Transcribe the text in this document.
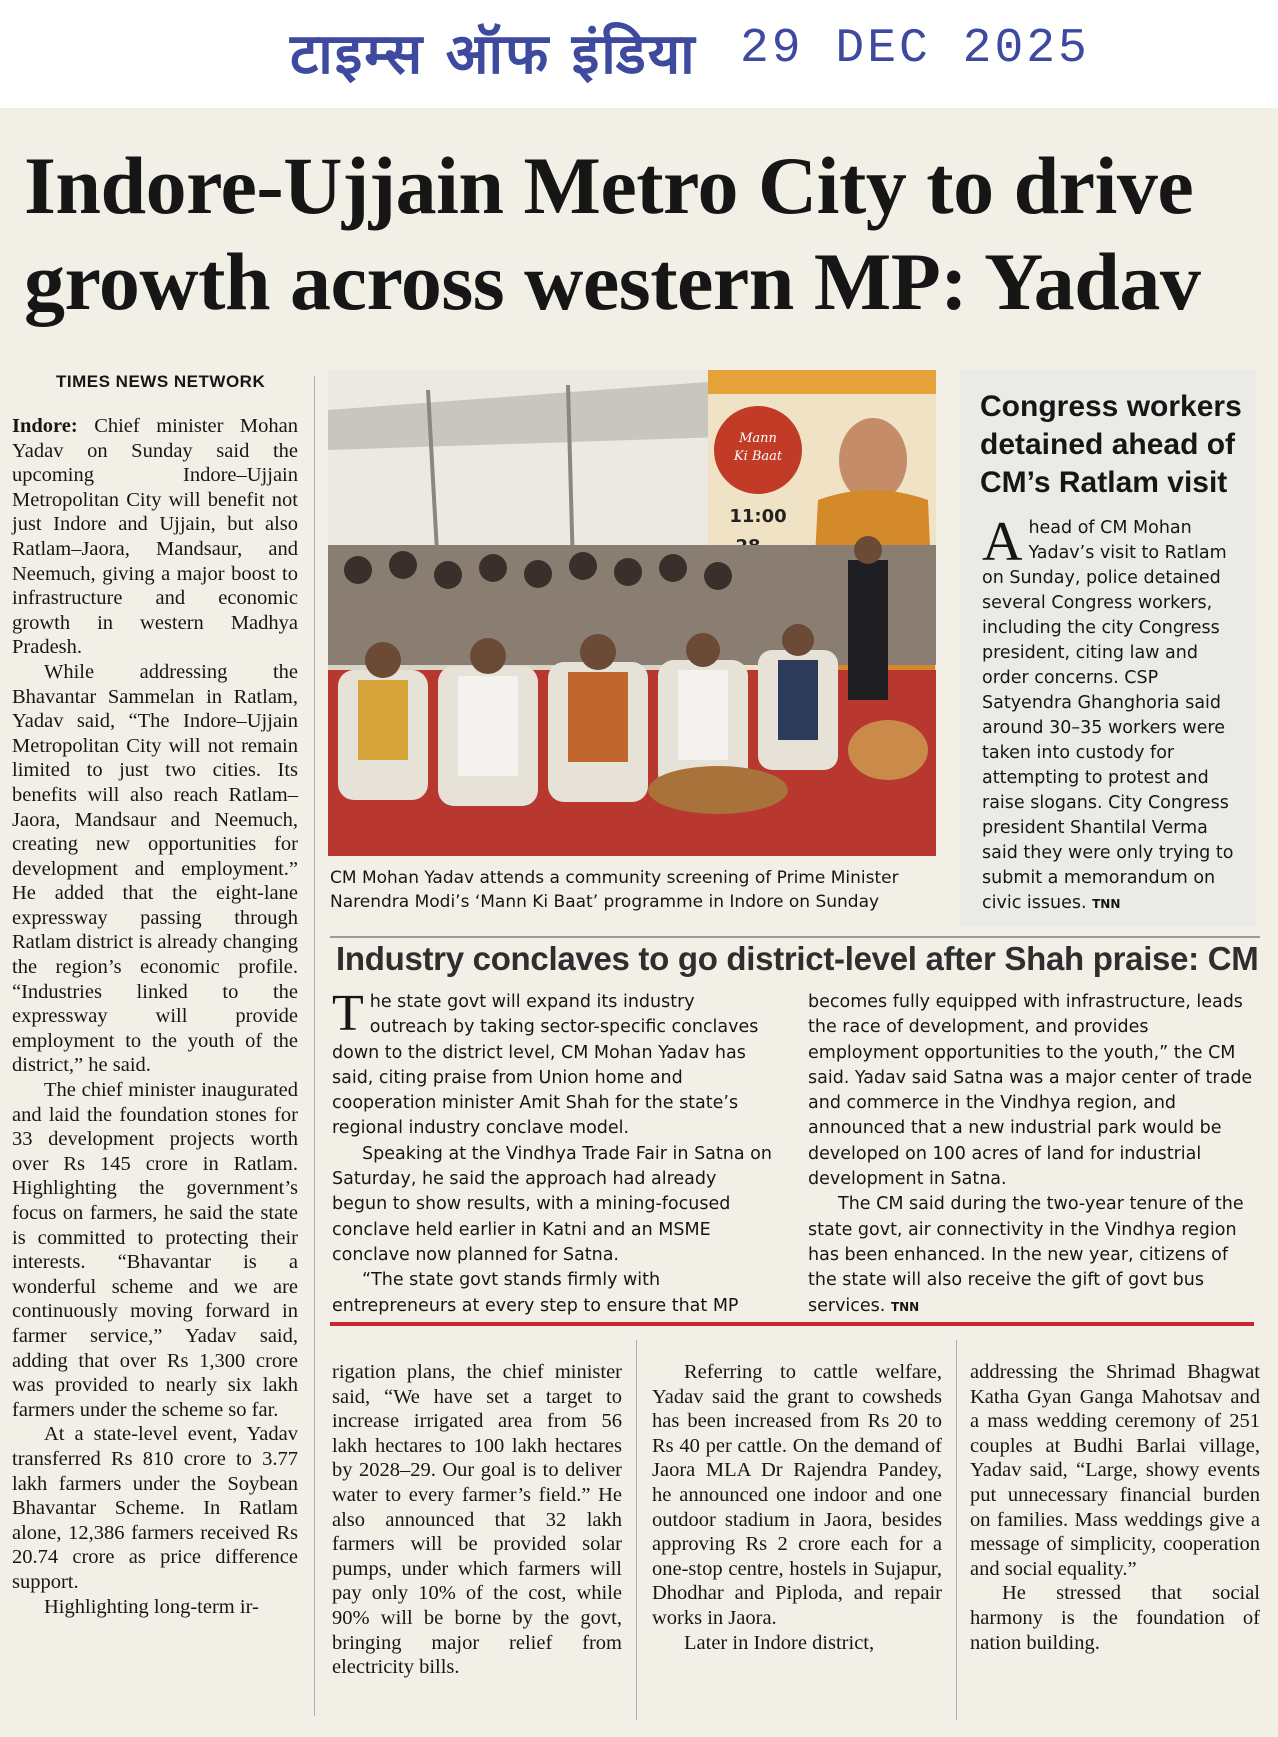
टाइम्स ऑफ इंडिया 29 DEC 2025
Indore-Ujjain Metro City to drive growth across western MP: Yadav
TIMES NEWS NETWORK

Indore: Chief minister Mohan Yadav on Sunday said the upcoming Indore–Ujjain Metropolitan City will benefit not just Indore and Ujjain, but also Ratlam–Jaora, Mandsaur, and Neemuch, giving a major boost to infrastructure and economic growth in western Madhya Pradesh.

While addressing the Bhavantar Sammelan in Ratlam, Yadav said, “The Indore–Ujjain Metropolitan City will not remain limited to just two cities. Its benefits will also reach Ratlam–Jaora, Mandsaur and Neemuch, creating new opportunities for development and employment.” He added that the eight-lane expressway passing through Ratlam district is already changing the region’s economic profile. “Industries linked to the expressway will provide employment to the youth of the district,” he said.

The chief minister inaugurated and laid the foundation stones for 33 development projects worth over Rs 145 crore in Ratlam. Highlighting the government’s focus on farmers, he said the state is committed to protecting their interests. “Bhavantar is a wonderful scheme and we are continuously moving forward in farmer service,” Yadav said, adding that over Rs 1,300 crore was provided to nearly six lakh farmers under the scheme so far.

At a state-level event, Yadav transferred Rs 810 crore to 3.77 lakh farmers under the Soybean Bhavantar Scheme. In Ratlam alone, 12,386 farmers received Rs 20.74 crore as price difference support.

Highlighting long-term ir-

Mann
Ki Baat
11:00
CM Mohan Yadav attends a community screening of Prime Minister Narendra Modi’s ‘Mann Ki Baat’ programme in Indore on Sunday
Congress workers detained ahead of CM’s Ratlam visit
Ahead of CM Mohan Yadav’s visit to Ratlam on Sunday, police detained several Congress workers, including the city Congress president, citing law and order concerns. CSP Satyendra Ghanghoria said around 30–35 workers were taken into custody for attempting to protest and raise slogans. City Congress president Shantilal Verma said they were only trying to submit a memorandum on civic issues. TNN
Industry conclaves to go district-level after Shah praise: CM

The state govt will expand its industry outreach by taking sector-specific conclaves down to the district level, CM Mohan Yadav has said, citing praise from Union home and cooperation minister Amit Shah for the state’s regional industry conclave model.

Speaking at the Vindhya Trade Fair in Satna on Saturday, he said the approach had already begun to show results, with a mining-focused conclave held earlier in Katni and an MSME conclave now planned for Satna.

“The state govt stands firmly with entrepreneurs at every step to ensure that MP

becomes fully equipped with infrastructure, leads the race of development, and provides employment opportunities to the youth,” the CM said. Yadav said Satna was a major center of trade and commerce in the Vindhya region, and announced that a new industrial park would be developed on 100 acres of land for industrial development in Satna.

The CM said during the two-year tenure of the state govt, air connectivity in the Vindhya region has been enhanced. In the new year, citizens of the state will also receive the gift of govt bus services. TNN

rigation plans, the chief minister said, “We have set a target to increase irrigated area from 56 lakh hectares to 100 lakh hectares by 2028–29. Our goal is to deliver water to every farmer’s field.” He also announced that 32 lakh farmers will be provided solar pumps, under which farmers will pay only 10% of the cost, while 90% will be borne by the govt, bringing major relief from electricity bills.

Referring to cattle welfare, Yadav said the grant to cowsheds has been increased from Rs 20 to Rs 40 per cattle. On the demand of Jaora MLA Dr Rajendra Pandey, he announced one indoor and one outdoor stadium in Jaora, besides approving Rs 2 crore each for a one-stop centre, hostels in Sujapur, Dhodhar and Piploda, and repair works in Jaora.

Later in Indore district,

addressing the Shrimad Bhagwat Katha Gyan Ganga Mahotsav and a mass wedding ceremony of 251 couples at Budhi Barlai village, Yadav said, “Large, showy events put unnecessary financial burden on families. Mass weddings give a message of simplicity, cooperation and social equality.”

He stressed that social harmony is the foundation of nation building.
